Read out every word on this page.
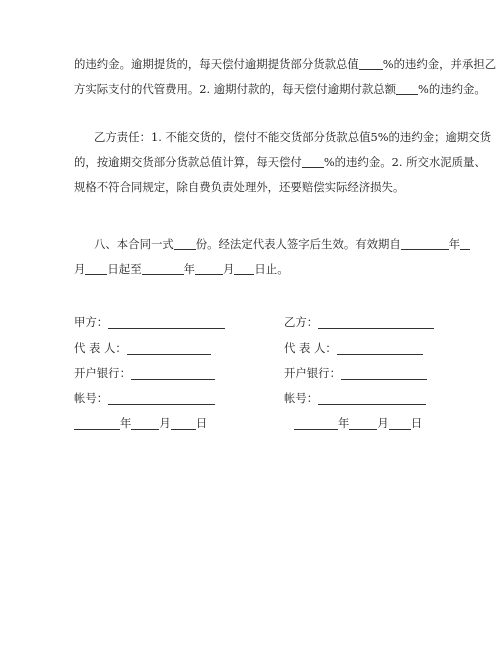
的违约金。逾期提货的，每天偿付逾期提货部分货款总值 %的违约金，并承担乙
方实际支付的代管费用。2. 逾期付款的，每天偿付逾期付款总额 %的违约金。
乙方责任：1. 不能交货的，偿付不能交货部分货款总值5%的违约金；逾期交货
的，按逾期交货部分货款总值计算，每天偿付 %的违约金。2. 所交水泥质量、
规格不符合同规定，除自费负责处理外，还要赔偿实际经济损失。
八、本合同一式 份。经法定代表人签字后生效。有效期自	年
月 日起至	年 月 日止。
甲方：
代 表 人：
开户银行：
帐号：
年 月 日
乙方：
代 表 人：
开户银行：
帐号：
年 月 日
